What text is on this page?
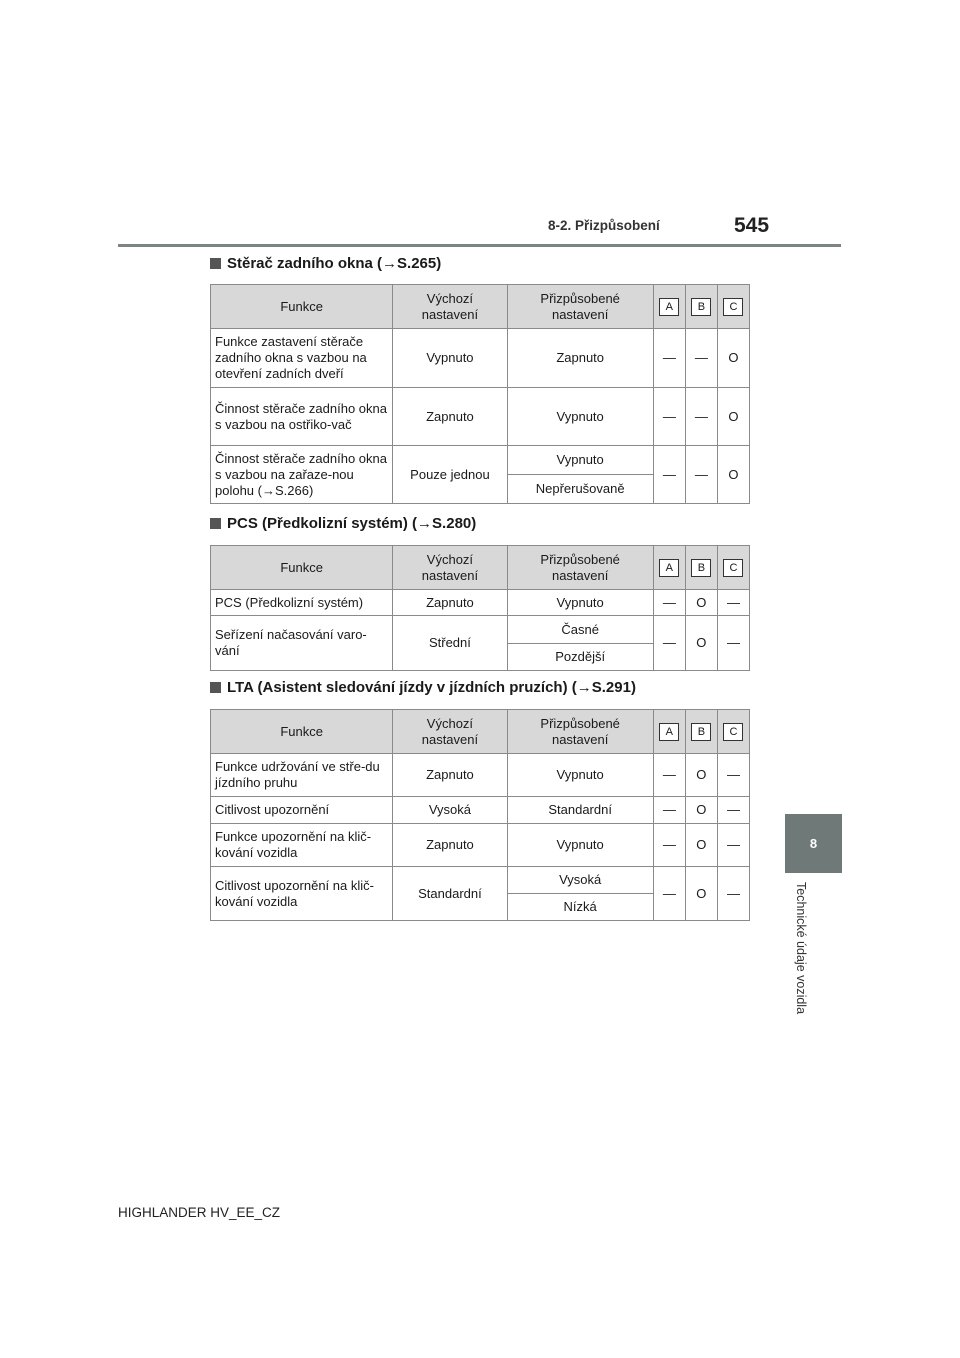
8-2. Přizpůsobení	545
8
Technické údaje vozidla
Stěrač zadního okna (→S.265)
Funkce	Výchozí nastavení	Přizpůsobené nastavení	A	B	C
Funkce zastavení stěrače zadního okna s vazbou na otevření zadních dveří	Vypnuto	Zapnuto	—	—	O
Činnost stěrače zadního okna s vazbou na ostřiko-vač	Zapnuto	Vypnuto	—	—	O
Činnost stěrače zadního okna s vazbou na zařaze-nou polohu (→S.266)	Pouze jednou	Vypnuto	—	—	O
		Nepřerušovaně			
PCS (Předkolizní systém) (→S.280)
Funkce	Výchozí nastavení	Přizpůsobené nastavení	A	B	C
PCS (Předkolizní systém)	Zapnuto	Vypnuto	—	O	—
Seřízení načasování varo-vání	Střední	Časné	—	O	—
		Pozdější			
LTA (Asistent sledování jízdy v jízdních pruzích) (→S.291)
Funkce	Výchozí nastavení	Přizpůsobené nastavení	A	B	C
Funkce udržování ve stře-du jízdního pruhu	Zapnuto	Vypnuto	—	O	—
Citlivost upozornění	Vysoká	Standardní	—	O	—
Funkce upozornění na klič-kování vozidla	Zapnuto	Vypnuto	—	O	—
Citlivost upozornění na klič-kování vozidla	Standardní	Vysoká	—	O	—
		Nízká			
HIGHLANDER HV_EE_CZ
